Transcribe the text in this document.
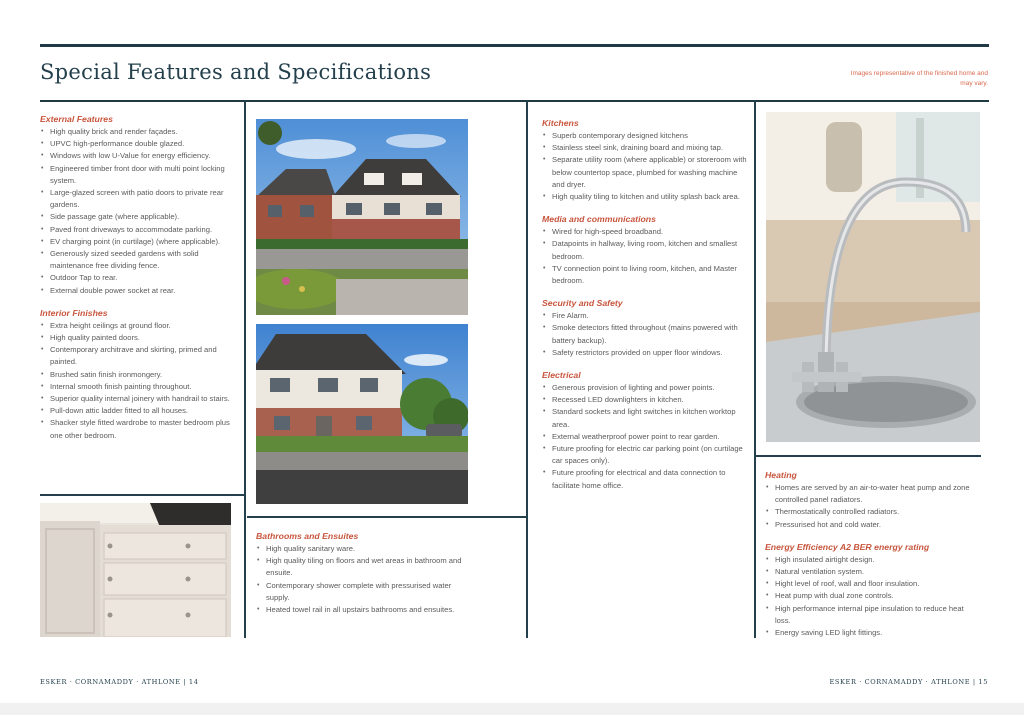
Special Features and Specifications	Images representative of the finished home and may vary.
External Features
• High quality brick and render façades.
• UPVC high-performance double glazed.
• Windows with low U-Value for energy efficiency.
• Engineered timber front door with multi point locking system.
• Large-glazed screen with patio doors to private rear gardens.
• Side passage gate (where applicable).
• Paved front driveways to accommodate parking.
• EV charging point (in curtilage) (where applicable).
• Generously sized seeded gardens with solid maintenance free dividing fence.
• Outdoor Tap to rear.
• External double power socket at rear.
Interior Finishes
• Extra height ceilings at ground floor.
• High quality painted doors.
• Contemporary architrave and skirting, primed and painted.
• Brushed satin finish ironmongery.
• Internal smooth finish painting throughout.
• Superior quality internal joinery with handrail to stairs.
• Pull-down attic ladder fitted to all houses.
• Shacker style fitted wardrobe to master bedroom plus one other bedroom.
Bathrooms and Ensuites
• High quality sanitary ware.
• High quality tiling on floors and wet areas in bathroom and ensuite.
• Contemporary shower complete with pressurised water supply.
• Heated towel rail in all upstairs bathrooms and ensuites.
Kitchens
• Superb contemporary designed kitchens
• Stainless steel sink, draining board and mixing tap.
• Separate utility room (where applicable) or storeroom with below countertop space, plumbed for washing machine and dryer.
• High quality tiling to kitchen and utility splash back area.
Media and communications
• Wired for high-speed broadband.
• Datapoints in hallway, living room, kitchen and smallest bedroom.
• TV connection point to living room, kitchen, and Master bedroom.
Security and Safety
• Fire Alarm.
• Smoke detectors fitted throughout (mains powered with battery backup).
• Safety restrictors provided on upper floor windows.
Electrical
• Generous provision of lighting and power points.
• Recessed LED downlighters in kitchen.
• Standard sockets and light switches in kitchen worktop area.
• External weatherproof power point to rear garden.
• Future proofing for electric car parking point (on curtilage car spaces only).
• Future proofing for electrical and data connection to facilitate home office.
Heating
• Homes are served by an air-to-water heat pump and zone controlled panel radiators.
• Thermostatically controlled radiators.
• Pressurised hot and cold water.
Energy Efficiency A2 BER energy rating
• High insulated airtight design.
• Natural ventilation system.
• Hight level of roof, wall and floor insulation.
• Heat pump with dual zone controls.
• High performance internal pipe insulation to reduce heat loss.
• Energy saving LED light fittings.
ESKER · CORNAMADDY · ATHLONE | 14	ESKER · CORNAMADDY · ATHLONE | 15
